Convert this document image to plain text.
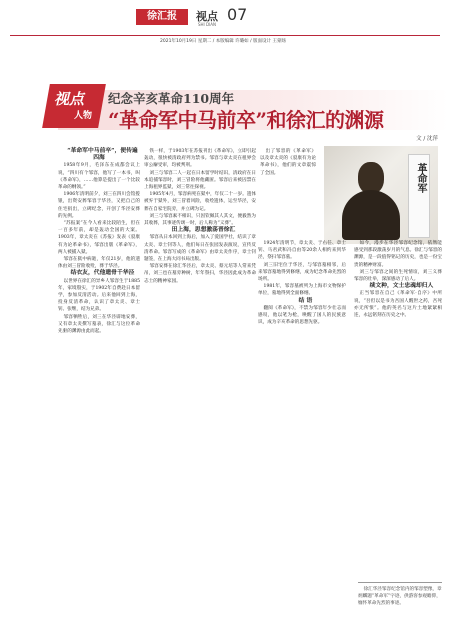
徐汇报	视点
SHI DIAN
07
2021年10月19日 星期二 / 本版编辑 许璐如 / 版面设计 王蒙旸
视点
人物
纪念辛亥革命110周年
“革命军中马前卒”和徐汇的渊源
文 / 沈萍

“革命军中马前卒”，便传遍四海

1958年9月，毛泽东在成都会议上说，“四川有个邹容，他写了一本书，叫《革命军》，……他算是提出了一个比较革命的纲领。”

1906年清明前夕，刘三在四川会馆拨银，出资安葬邹容于华泾，又把自己的住宅捐出，立碑纪念，开创了华泾安葬的先例。

“苏报案”在今人看来比较陌生，但在一百多年前，却是轰动全国的大案。1903年，章太炎在《苏报》发表《驳康有为论革命书》，邹容出版《革命军》，两人被捕入狱。

邹容在狱中病逝，年仅21岁，他的遗体由刘三冒险收殓，葬于华泾。

结衣友，代他遗骨千华泾

以世界在徐汇的异乡人邹容生于1885年，家境殷实，于1902年自费赴日本留学，参加反清活动。后来他回到上海，投身反清革命，认识了章太炎、章士钊、张继，结为兄弟。

邹容牺牲后，刘三在华泾辟地安葬，又有章太炎撰写墓表，徐汇与这位革命先驱的渊源由此而起。

铁一样，于1903年在苏报刊出《革命军》，立即引起轰动，很快被清政府列为禁书。邹容与章太炎在租界会审公廨受审，均被判刑。

刘三与邹容二人一起在日本留学时结识，清政府在日本追捕邹容时，刘三冒险将他藏匿。邹容后来被囚禁在上海租界监狱，刘三常往探视。

1905年4月，邹容病死在狱中，年仅二十一岁。遗体被弃于狱外，刘三冒着风险，收殓遗体，运至华泾，安葬在自家宅院旁，并立碑为记。

刘三与邹容素不相识，只因钦佩其人其文，便毅然为其收葬，其事迹传颂一时，后人称为“义葬”。

田上海，思想激荡晋徐汇

邹容从日本回到上海后，加入了爱国学社，结识了章太炎、章士钊等人，他们每日在张园发表演说，宣传反清革命。邹容写成的《革命军》由章太炎作序，章士钊题签，在上海大同书局出版。

邹容安葬在徐汇华泾后，章太炎、蔡元培等人常来凭吊，刘三也在墓旁种树，年年祭扫，华泾因此成为革命志士的精神家园。

出了邹容的《革命军》以及章太炎的《驳康有为论革命书》，他们的文章震惊了全国。	革命军

1924年清明节，章太炎、于右任、章士钊、马君武和冯自由等20余人相约来到华泾，祭扫邹容墓。

刘三旧宅位于华泾，与邹容墓相邻，后来邹容墓地得到修缮，成为纪念革命先烈的场所。

1981年，邹容墓被列为上海市文物保护单位，墓地得到全面修缮。

结 语

翻阅《革命军》，不禁为邹容年少壮志而感叹，他以笔为枪，唤醒了国人的民族意识，成为辛亥革命的思想先驱。

如今，漫步在华泾邹容纪念馆，依然能感受到那段激荡岁月的气息。徐汇与邹容的渊源，是一段值得铭记的历史，也是一份宝贵的精神财富。

刘三与邹容之间的生死情谊，刘三义葬邹容的壮举，深深感动了后人。

续文种，文士忠魂却归人

正当邹容在自己《革命军·自序》中所说，“吾但以是书为吾国人醒世之药，吾死亦无所恨”。他的英名与这片土地紧紧相连，永远铭刻在历史之中。

徐汇华泾邹容纪念馆内的邹容塑像，章炳麟题“革命军”字迹，供游客参观瞻仰，缅怀革命先烈的事迹。
